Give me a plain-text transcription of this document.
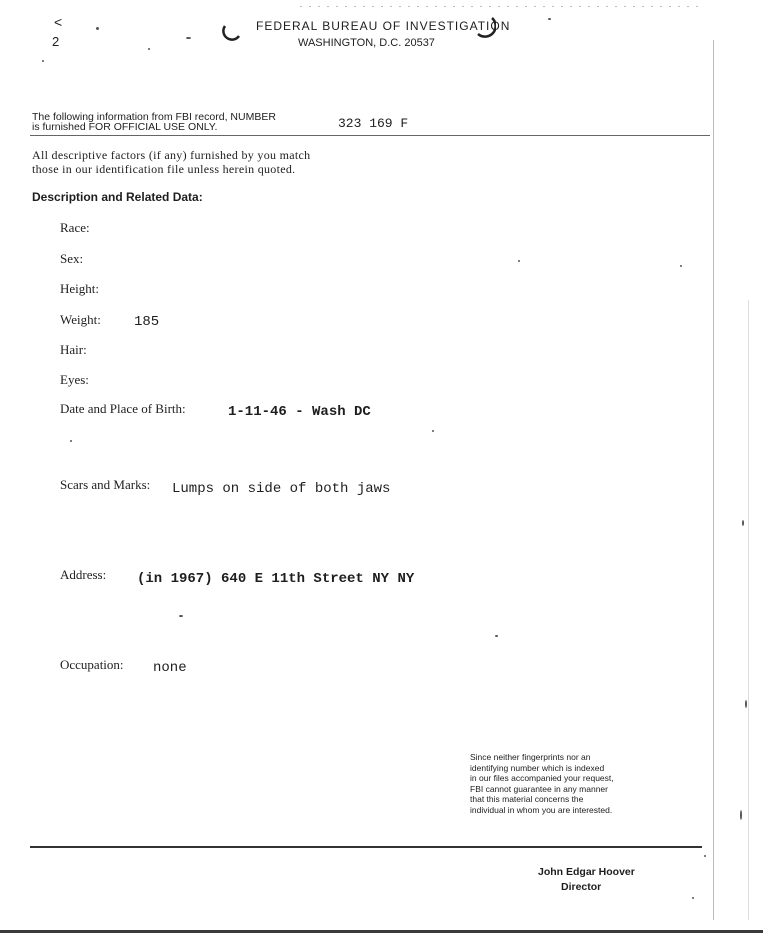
<
2
FEDERAL BUREAU OF INVESTIGATION
WASHINGTON, D.C. 20537
The following information from FBI record, NUMBER
is furnished FOR OFFICIAL USE ONLY.	323 169 F
All descriptive factors (if any) furnished by you match
those in our identification file unless herein quoted.
Description and Related Data:
Race:
Sex:
Height:
Weight: 185
Hair:
Eyes:
Date and Place of Birth:	1-11-46 - Wash DC
Scars and Marks: Lumps on side of both jaws
Address: (in 1967) 640 E 11th Street NY NY
Occupation: none
Since neither fingerprints nor an
identifying number which is indexed
in our files accompanied your request,
FBI cannot guarantee in any manner
that this material concerns the
individual in whom you are interested.
John Edgar Hoover
Director
